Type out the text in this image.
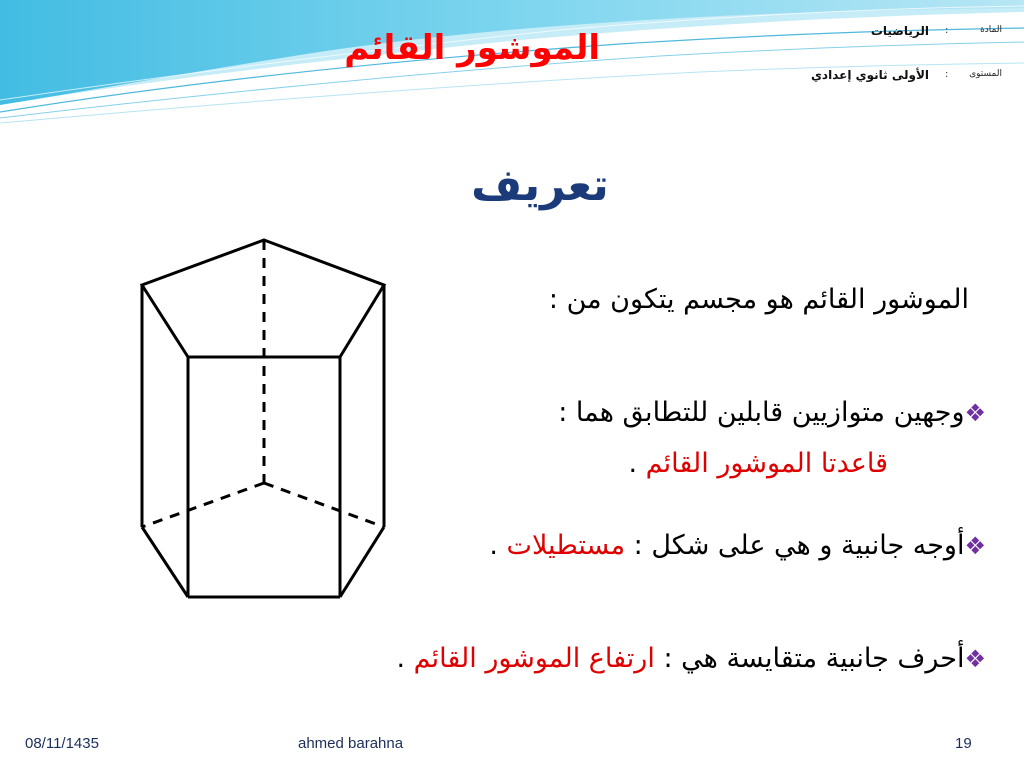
الموشور القائم	الرياضيات :	المادة
الأولى ثانوي إعدادي : المستوى
تعريف
الموشور القائم هو مجسم يتكون من :
❖وجهين متوازيين قابلين للتطابق هما :
قاعدتا الموشور القائم .
❖أوجه جانبية و هي على شكل : مستطيلات .
❖أحرف جانبية متقايسة هي : ارتفاع الموشور القائم .
08/11/1435	ahmed barahna	19
